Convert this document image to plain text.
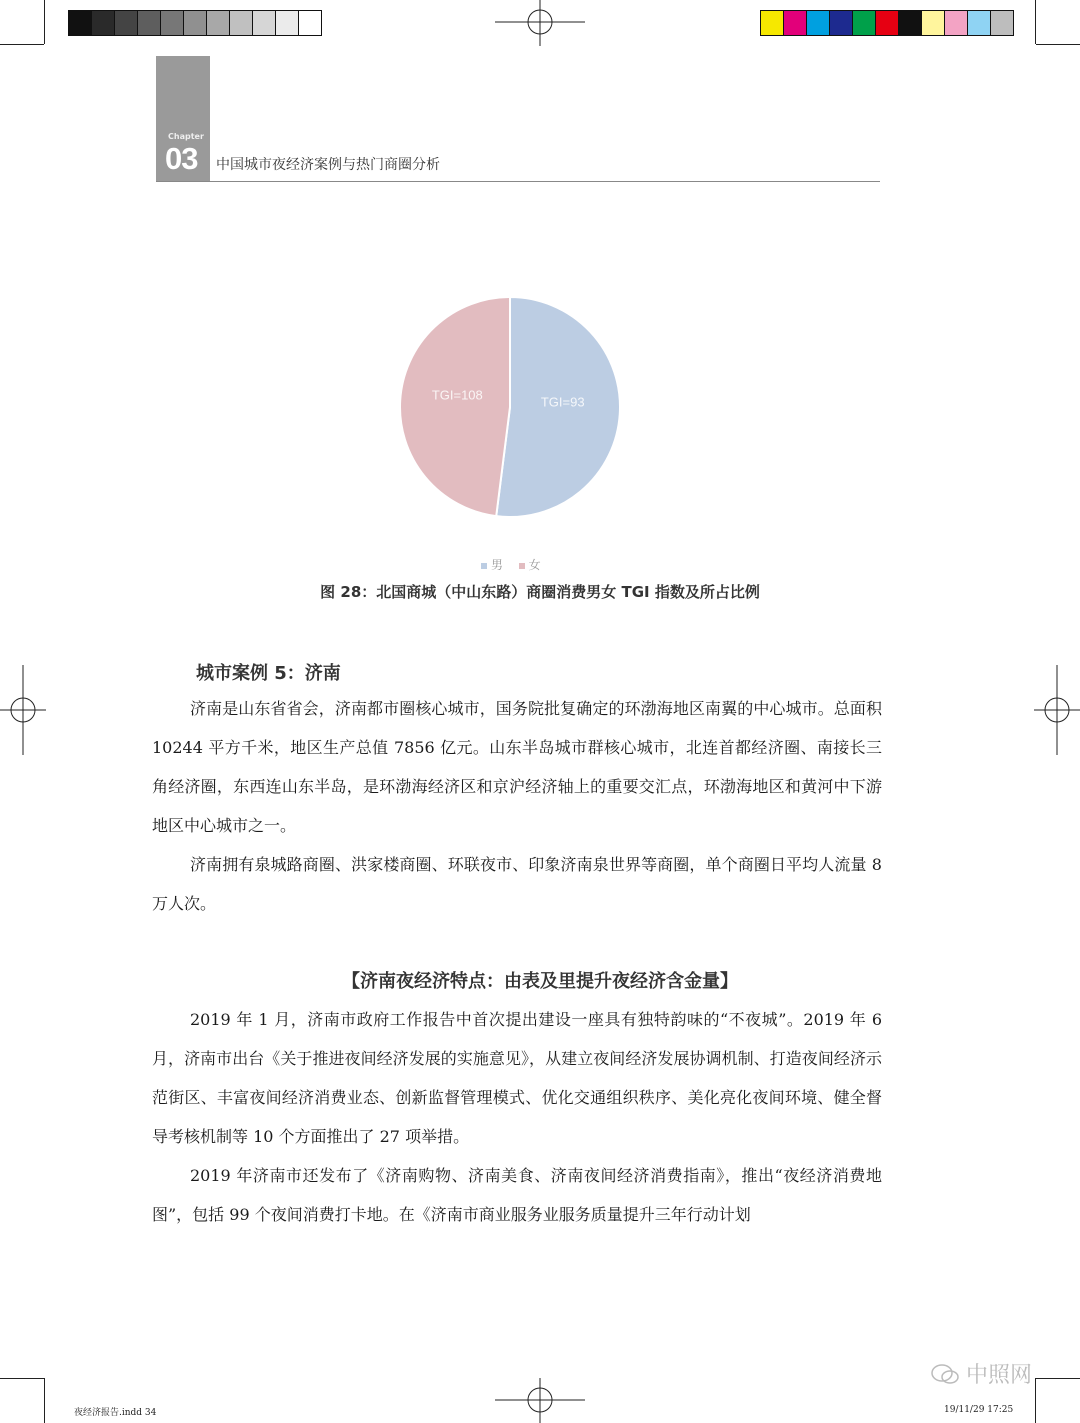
Chapter
03 中国城市夜经济案例与热门商圈分析
TGI=93
TGI=108
男 女
图 28：北国商城（中山东路）商圈消费男女 TGI 指数及所占比例
城市案例 5：济南

济南是山东省省会，济南都市圈核心城市，国务院批复确定的环渤海地区南翼的中心城市。总面积 10244 平方千米，地区生产总值 7856 亿元。山东半岛城市群核心城市，北连首都经济圈、南接长三角经济圈，东西连山东半岛，是环渤海经济区和京沪经济轴上的重要交汇点，环渤海地区和黄河中下游地区中心城市之一。

济南拥有泉城路商圈、洪家楼商圈、环联夜市、印象济南泉世界等商圈，单个商圈日平均人流量 8 万人次。

【济南夜经济特点：由表及里提升夜经济含金量】

2019 年 1 月，济南市政府工作报告中首次提出建设一座具有独特韵味的“不夜城”。2019 年 6 月，济南市出台《关于推进夜间经济发展的实施意见》，从建立夜间经济发展协调机制、打造夜间经济示范街区、丰富夜间经济消费业态、创新监督管理模式、优化交通组织秩序、美化亮化夜间环境、健全督导考核机制等 10 个方面推出了 27 项举措。

2019 年济南市还发布了《济南购物、济南美食、济南夜间经济消费指南》，推出“夜经济消费地图”，包括 99 个夜间消费打卡地。在《济南市商业服务业服务质量提升三年行动计划

夜经济报告.indd 34	19/11/29 17:25
中照网
